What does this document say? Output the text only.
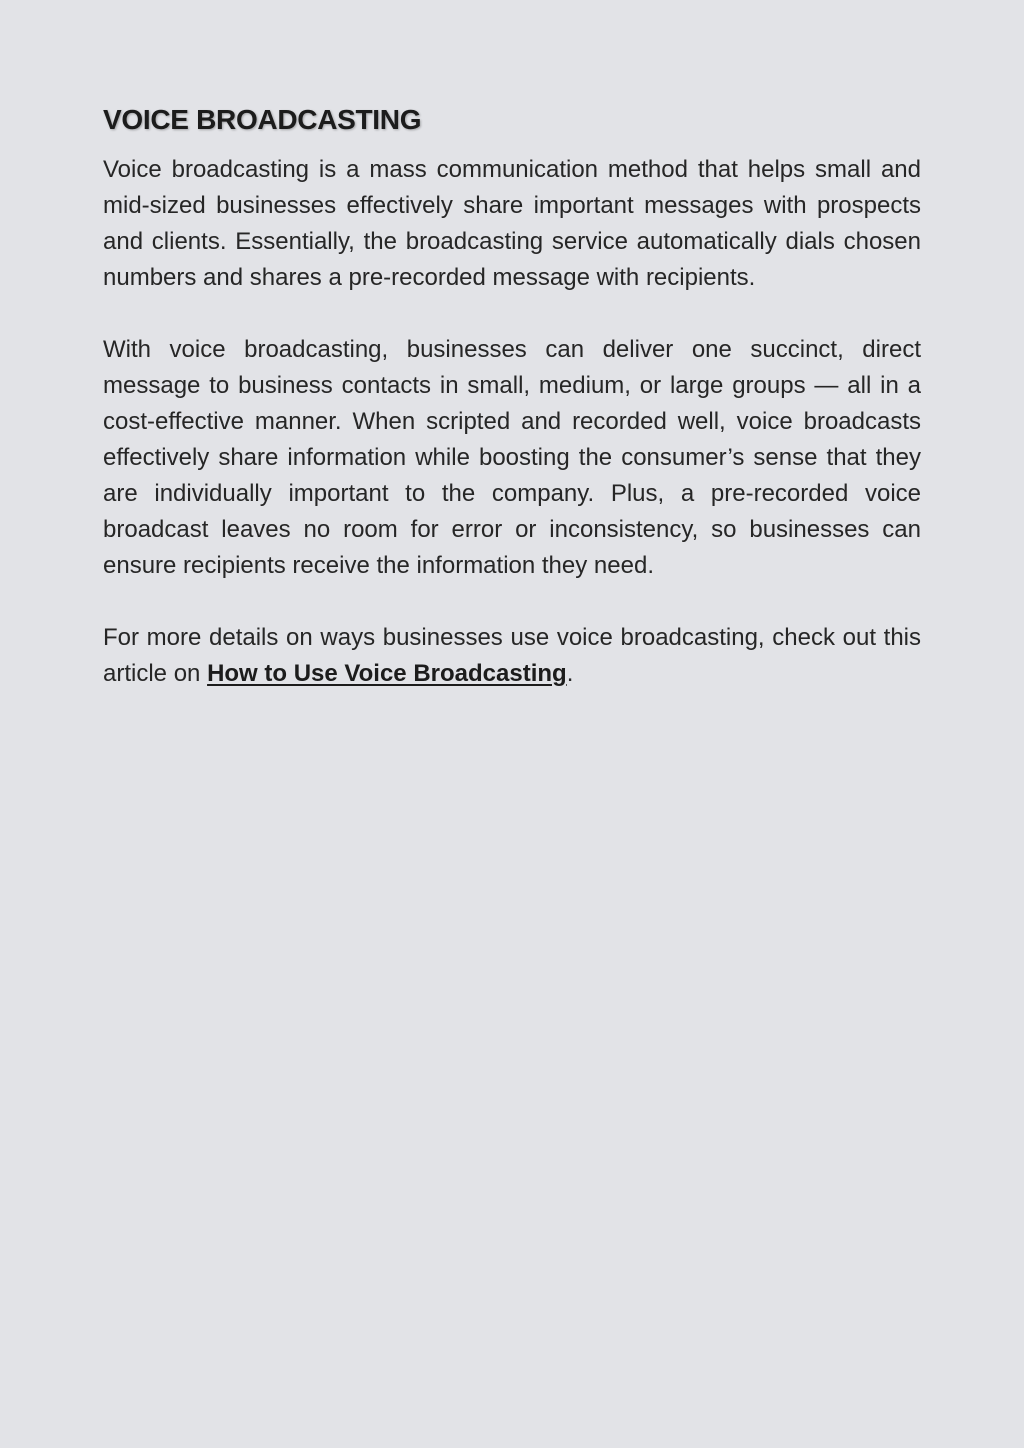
VOICE BROADCASTING

Voice broadcasting is a mass communication method that helps small and mid-sized businesses effectively share important messages with prospects and clients. Essentially, the broadcasting service automatically dials chosen numbers and shares a pre-recorded message with recipients.

With voice broadcasting, businesses can deliver one succinct, direct message to business contacts in small, medium, or large groups — all in a cost-effective manner. When scripted and recorded well, voice broadcasts effectively share information while boosting the consumer’s sense that they are individually important to the company. Plus, a pre-recorded voice broadcast leaves no room for error or inconsistency, so businesses can ensure recipients receive the information they need.

For more details on ways businesses use voice broadcasting, check out this article on How to Use Voice Broadcasting.
